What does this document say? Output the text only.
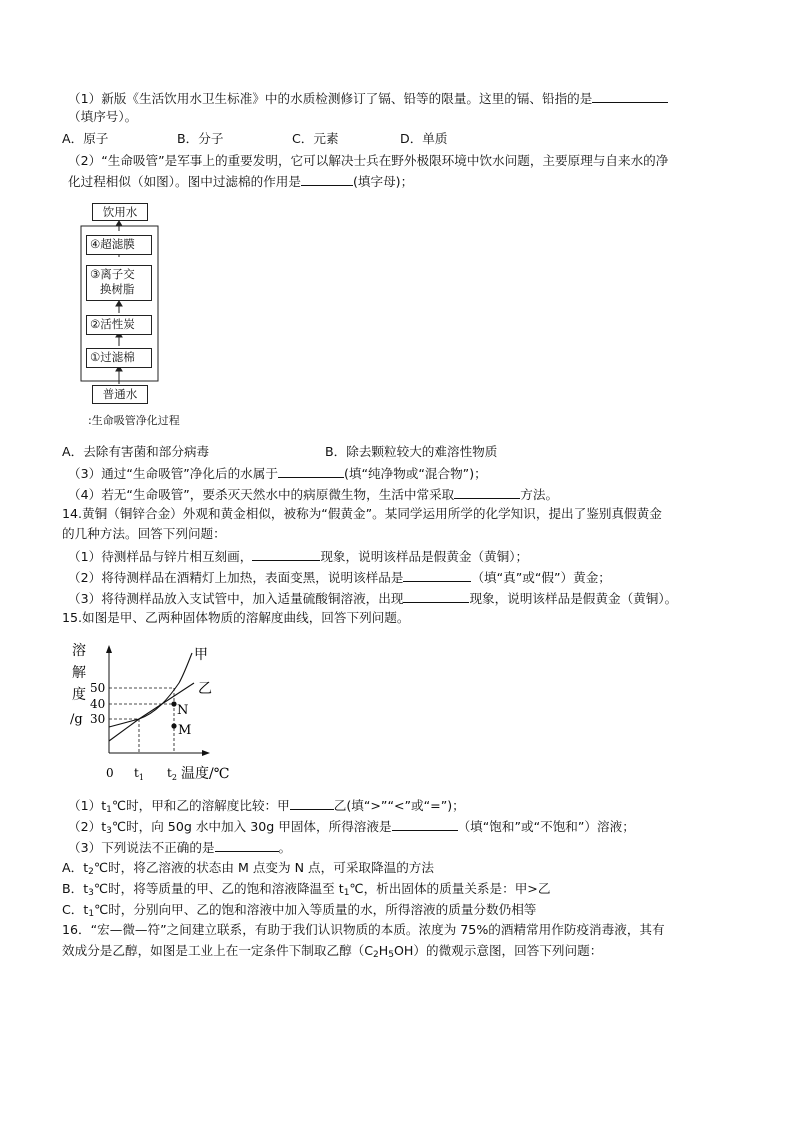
（1）新版《生活饮用水卫生标准》中的水质检测修订了镉、铅等的限量。这里的镉、铅指的是
（填序号）。
A．原子	B．分子	C．元素	D．单质
（2）“生命吸管”是军事上的重要发明，它可以解决士兵在野外极限环境中饮水问题，主要原理与自来水的净
化过程相似（如图）。图中过滤棉的作用是	(填字母)；
饮用水
④超滤膜
③离子交
换树脂
②活性炭
①过滤棉
普通水
:生命吸管净化过程
A．去除有害菌和部分病毒	B．除去颗粒较大的难溶性物质
（3）通过“生命吸管”净化后的水属于	(填“纯净物或“混合物”)；
（4）若无“生命吸管”，要杀灭天然水中的病原微生物，生活中常采取	方法。
14.黄铜（铜锌合金）外观和黄金相似，被称为“假黄金”。某同学运用所学的化学知识，提出了鉴别真假黄金
的几种方法。回答下列问题：
（1）待测样品与锌片相互刻画，	现象，说明该样品是假黄金（黄铜）；
（2）将待测样品在酒精灯上加热，表面变黑，说明该样品是	（填“真”或“假”）黄金；
（3）将待测样品放入支试管中，加入适量硫酸铜溶液，出现	现象，说明该样品是假黄金（黄铜）。
15.如图是甲、乙两种固体物质的溶解度曲线，回答下列问题。
溶
解
度
/g
50
40
30
N
M
甲
乙
0 $t_1$ $t_2$ 温度/℃
$(1)t_1℃$时，甲和乙的溶解度比较：甲	乙(填“>”“<”或“=”)；
$(2)t_3℃$时，向 50g 水中加入 30g 甲固体，所得溶液是	（填“饱和”或“不饱和”）溶液；
（3）下列说法不正确的是	。
A．$t_2℃$时，将乙溶液的状态由 M 点变为 N 点，可采取降温的方法
B．$t_3℃$时，将等质量的甲、乙的饱和溶液降温至 $t_1℃$，析出固体的质量关系是：甲>乙
C．$t_1℃$时，分别向甲、乙的饱和溶液中加入等质量的水，所得溶液的质量分数仍相等
16．“宏—微—符”之间建立联系，有助于我们认识物质的本质。浓度为 75%的酒精常用作防疫消毒液，其有
效成分是乙醇，如图是工业上在一定条件下制取乙醇$(C_2H_5OH)$的微观示意图，回答下列问题：
